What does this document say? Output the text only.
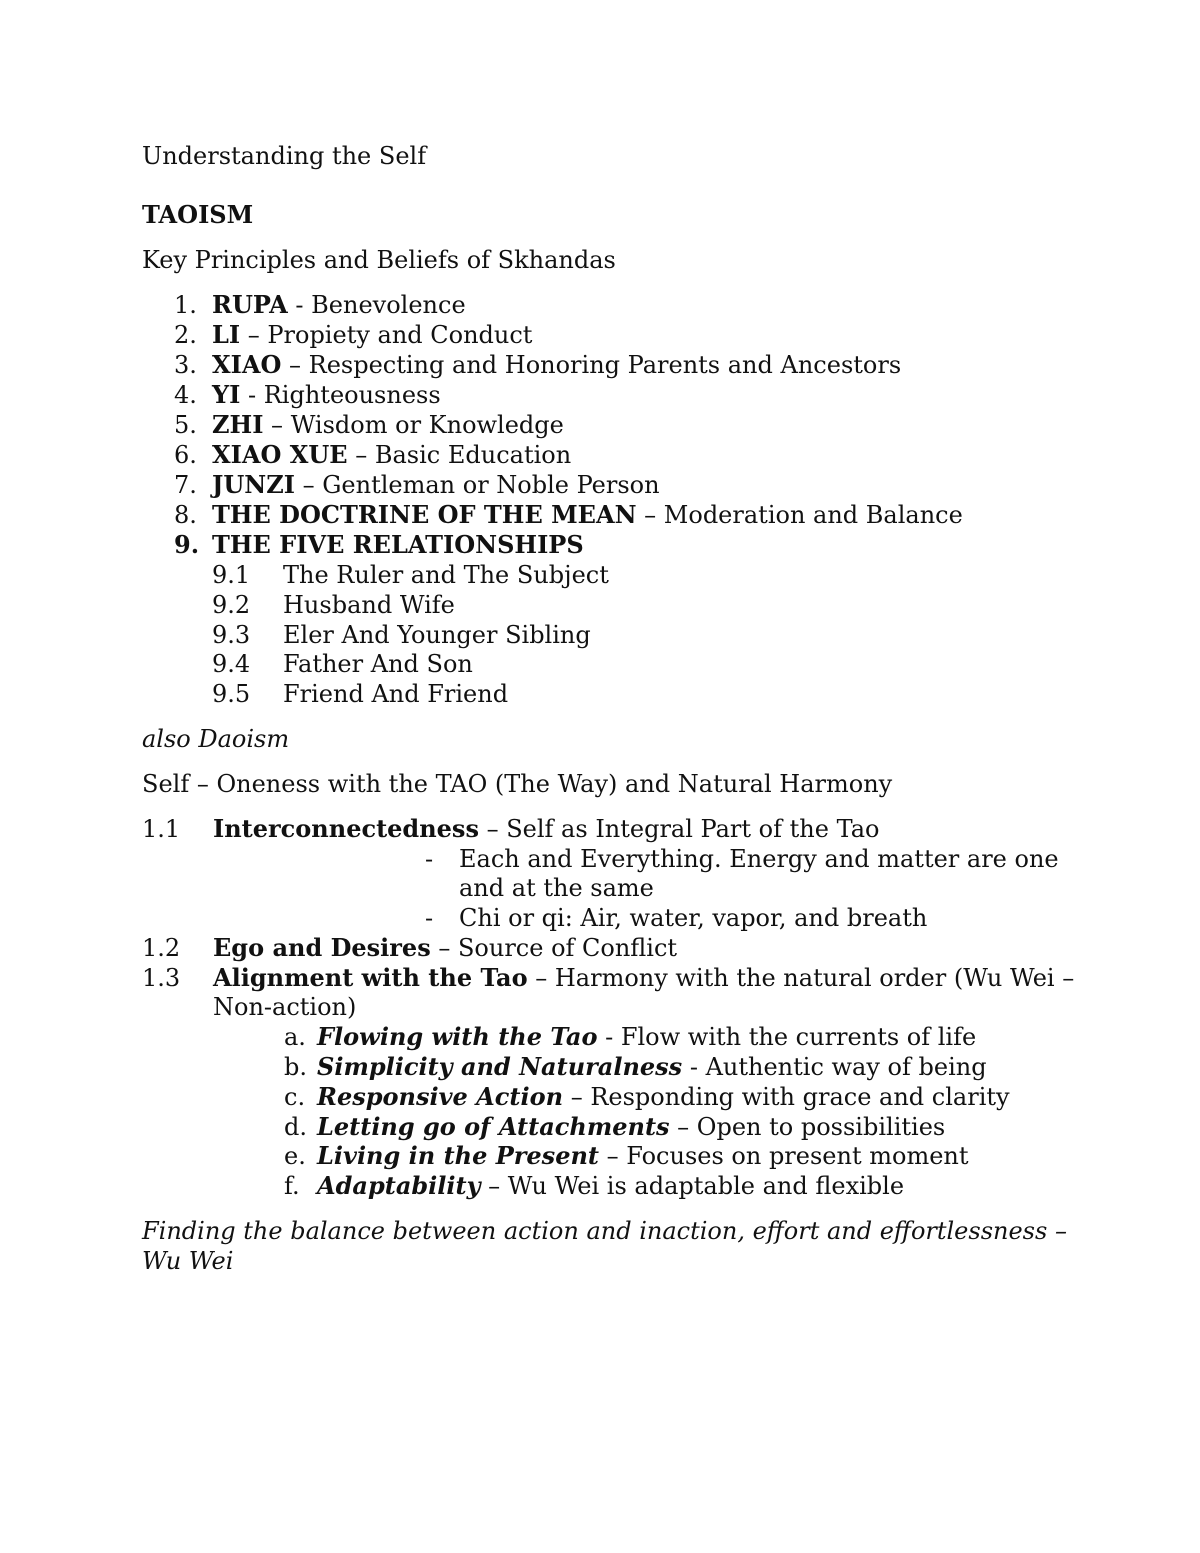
Understanding the Self
TAOISM
Key Principles and Beliefs of Skhandas
1. RUPA - Benevolence
2. LI – Propiety and Conduct
3. XIAO – Respecting and Honoring Parents and Ancestors
4. YI - Righteousness
5. ZHI – Wisdom or Knowledge
6. XIAO XUE – Basic Education
7. JUNZI – Gentleman or Noble Person
8. THE DOCTRINE OF THE MEAN – Moderation and Balance
9. THE FIVE RELATIONSHIPS
9.1 The Ruler and The Subject
9.2 Husband Wife
9.3 Eler And Younger Sibling
9.4 Father And Son
9.5 Friend And Friend
also Daoism
Self – Oneness with the TAO (The Way) and Natural Harmony
1.1 Interconnectedness – Self as Integral Part of the Tao
- Each and Everything. Energy and matter are one
and at the same
- Chi or qi: Air, water, vapor, and breath
1.2 Ego and Desires – Source of Conflict
1.3 Alignment with the Tao – Harmony with the natural order (Wu Wei –
Non-action)
a. Flowing with the Tao - Flow with the currents of life
b. Simplicity and Naturalness - Authentic way of being
c. Responsive Action – Responding with grace and clarity
d. Letting go of Attachments – Open to possibilities
e. Living in the Present – Focuses on present moment
f. Adaptability – Wu Wei is adaptable and flexible
Finding the balance between action and inaction, effort and effortlessness –
Wu Wei
